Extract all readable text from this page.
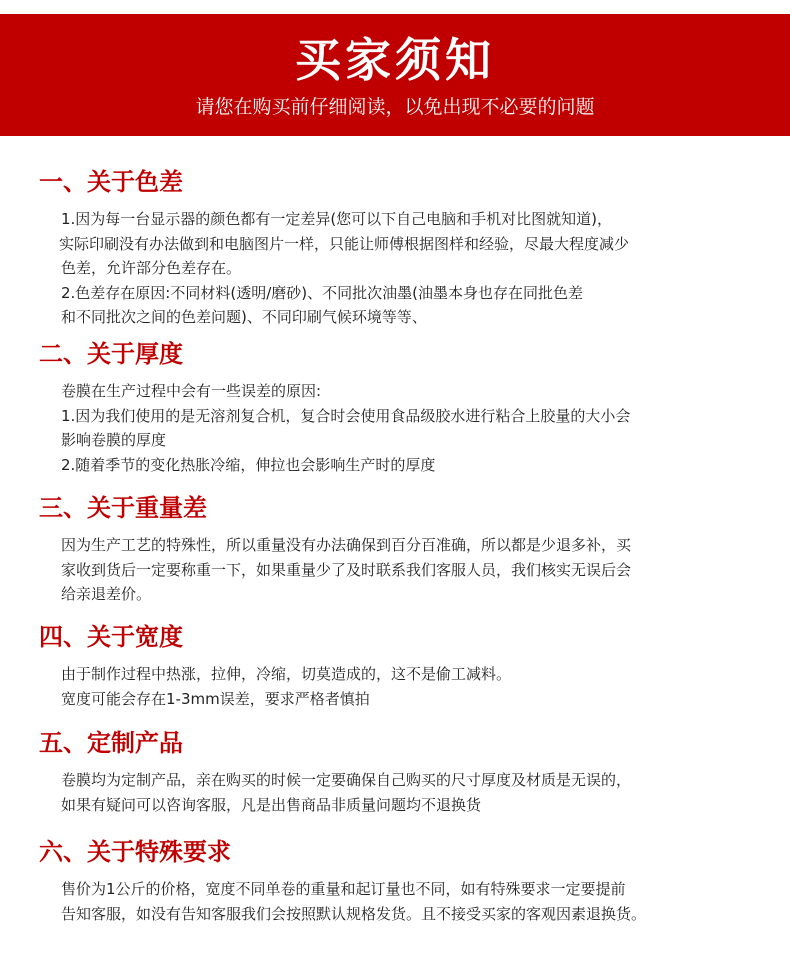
买家须知
请您在购买前仔细阅读，以免出现不必要的问题
一、关于色差
1.因为每一台显示器的颜色都有一定差异(您可以下自己电脑和手机对比图就知道)，
实际印刷没有办法做到和电脑图片一样，只能让师傅根据图样和经验，尽最大程度减少
色差，允许部分色差存在。
2.色差存在原因:不同材料(透明/磨砂)、不同批次油墨(油墨本身也存在同批色差
和不同批次之间的色差问题)、不同印刷气候环境等等、
二、关于厚度
卷膜在生产过程中会有一些误差的原因:
1.因为我们使用的是无溶剂复合机，复合时会使用食品级胶水进行粘合上胶量的大小会
影响卷膜的厚度
2.随着季节的变化热胀冷缩，伸拉也会影响生产时的厚度
三、关于重量差
因为生产工艺的特殊性，所以重量没有办法确保到百分百准确，所以都是少退多补，买
家收到货后一定要称重一下，如果重量少了及时联系我们客服人员，我们核实无误后会
给亲退差价。
四、关于宽度
由于制作过程中热涨，拉伸，冷缩，切莫造成的，这不是偷工减料。
宽度可能会存在1-3mm误差，要求严格者慎拍
五、定制产品
卷膜均为定制产品，亲在购买的时候一定要确保自己购买的尺寸厚度及材质是无误的，
如果有疑问可以咨询客服，凡是出售商品非质量问题均不退换货
六、关于特殊要求
售价为1公斤的价格，宽度不同单卷的重量和起订量也不同，如有特殊要求一定要提前
告知客服，如没有告知客服我们会按照默认规格发货。且不接受买家的客观因素退换货。
